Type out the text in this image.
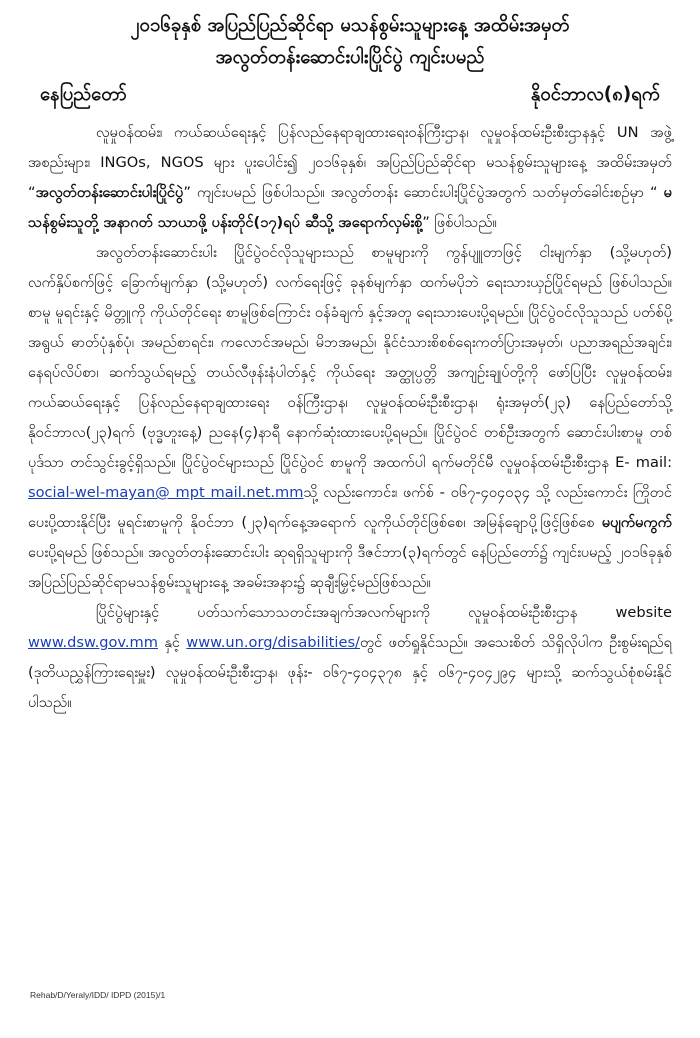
၂၀၁၆ခုနှစ် အပြည်ပြည်ဆိုင်ရာ မသန်စွမ်းသူများနေ့ အထိမ်းအမှတ်
အလွတ်တန်းဆောင်းပါးပြိုင်ပွဲ ကျင်းပမည်
နေပြည်တော်	နိုဝင်ဘာလ(၈)ရက်

လူမှုဝန်ထမ်း၊ ကယ်ဆယ်ရေးနှင့် ပြန်လည်နေရာချထားရေးဝန်ကြီးဌာန၊ လူမှုဝန်ထမ်းဦးစီးဌာနနှင့် UN အဖွဲ့အစည်းများ၊ INGOs, NGOS များ ပူးပေါင်း၍ ၂၀၁၆ခုနှစ်၊ အပြည်ပြည်ဆိုင်ရာ မသန်စွမ်းသူများနေ့ အထိမ်းအမှတ် “အလွတ်တန်းဆောင်းပါးပြိုင်ပွဲ” ကျင်းပမည် ဖြစ်ပါသည်။ အလွတ်တန်း ဆောင်းပါးပြိုင်ပွဲအတွက် သတ်မှတ်ခေါင်းစဉ်မှာ “ မသန်စွမ်းသူတို့ အနာဂတ် သာယာဖို့ ပန်းတိုင်(၁၇)ရပ် ဆီသို့ အရောက်လှမ်းစို့” ဖြစ်ပါသည်။

အလွတ်တန်းဆောင်းပါး ပြိုင်ပွဲဝင်လိုသူများသည် စာမူများကို ကွန်ပျူတာဖြင့် ငါးမျက်နှာ (သို့မဟုတ်) လက်နှိပ်စက်ဖြင့် ခြောက်မျက်နှာ (သို့မဟုတ်) လက်ရေးဖြင့် ခုနစ်မျက်နှာ ထက်မပိုဘဲ ရေးသားယှဉ်ပြိုင်ရမည် ဖြစ်ပါသည်။ စာမူ မူရင်းနှင့် မိတ္တူကို ကိုယ်တိုင်ရေး စာမူဖြစ်ကြောင်း ဝန်ခံချက် နှင့်အတူ ရေးသားပေးပို့ရမည်။ ပြိုင်ပွဲဝင်လိုသူသည် ပတ်စ်ပို့အရွယ် ဓာတ်ပုံနှစ်ပုံ၊ အမည်စာရင်း၊ ကလောင်အမည်၊ မိဘအမည်၊ နိုင်ငံသားစိစစ်ရေးကတ်ပြားအမှတ်၊ ပညာအရည်အချင်း၊ နေရပ်လိပ်စာ၊ ဆက်သွယ်ရမည့် တယ်လီဖုန်းနံပါတ်နှင့် ကိုယ်ရေး အတ္ထုပ္ပတ္တိ အကျဉ်းချုပ်တို့ကို ဖော်ပြပြီး လူမှုဝန်ထမ်း၊ ကယ်ဆယ်ရေးနှင့် ပြန်လည်နေရာချထားရေး ဝန်ကြီးဌာန၊ လူမှုဝန်ထမ်းဦးစီးဌာန၊ ရုံးအမှတ်(၂၃) နေပြည်တော်သို့ နိုဝင်ဘာလ(၂၃)ရက် (ဗုဒ္ဓဟူးနေ့) ညနေ(၄)နာရီ နောက်ဆုံးထားပေးပို့ရမည်။ ပြိုင်ပွဲဝင် တစ်ဦးအတွက် ဆောင်းပါးစာမူ တစ်ပုဒ်သာ တင်သွင်းခွင့်ရှိသည်။ ပြိုင်ပွဲဝင်များသည် ပြိုင်ပွဲဝင် စာမူကို အထက်ပါ ရက်မတိုင်မီ လူမှုဝန်ထမ်းဦးစီးဌာန E- mail: social-wel-mayan@ mpt mail.net.mmသို့ လည်းကောင်း၊ ဖက်စ် - ၀၆၇-၄၀၄၀၃၄ သို့ လည်းကောင်း ကြိုတင်ပေးပို့ထားနိုင်ပြီး မူရင်းစာမူကို နိုဝင်ဘာ (၂၃)ရက်နေ့အရောက် လူကိုယ်တိုင်ဖြစ်စေ၊ အမြန်ချောပို့ဖြင့်ဖြစ်စေ မပျက်မကွက် ပေးပို့ရမည် ဖြစ်သည်။ အလွတ်တန်းဆောင်းပါး ဆုရရှိသူများကို ဒီဇင်ဘာ(၃)ရက်တွင် နေပြည်တော်၌ ကျင်းပမည့် ၂၀၁၆ခုနှစ် အပြည်ပြည်ဆိုင်ရာမသန်စွမ်းသူများနေ့ အခမ်းအနား၌ ဆုချီးမြှင့်မည်ဖြစ်သည်။

ပြိုင်ပွဲများနှင့် ပတ်သက်သောသတင်းအချက်အလက်များကို လူမှုဝန်ထမ်းဦးစီးဌာန website www.dsw.gov.mm နှင့် www.un.org/disabilities/တွင် ဖတ်ရှုနိုင်သည်။ အသေးစိတ် သိရှိလိုပါက ဦးစွမ်းရည်ရ (ဒုတိယညွှန်ကြားရေးမှူး) လူမှုဝန်ထမ်းဦးစီးဌာန၊ ဖုန်း- ၀၆၇-၄၀၄၃၇၈ နှင့် ၀၆၇-၄၀၄၂၉၄ များသို့ ဆက်သွယ်စုံစမ်းနိုင်ပါသည်။

Rehab/D/Yeraly/IDD/ IDPD (2015)/1
